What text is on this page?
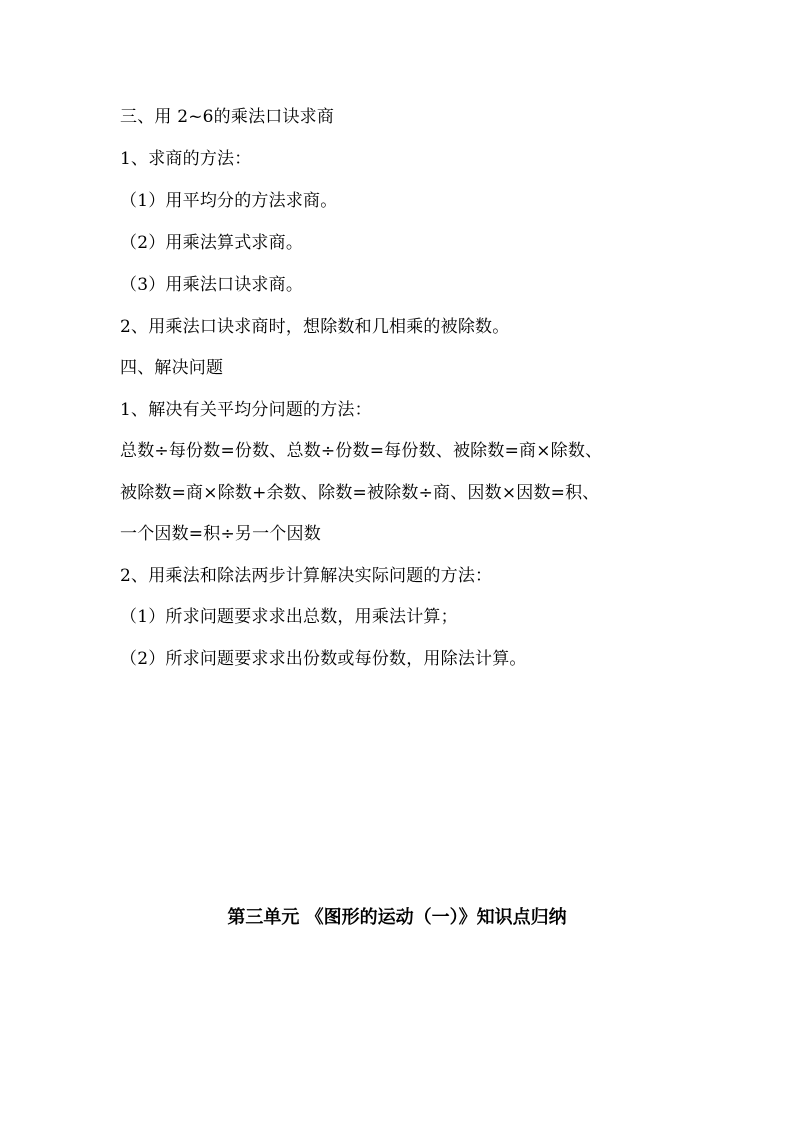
三、用 2~6的乘法口诀求商
1、求商的方法：
（1）用平均分的方法求商。
（2）用乘法算式求商。
（3）用乘法口诀求商。
2、用乘法口诀求商时，想除数和几相乘的被除数。
四、解决问题
1、解决有关平均分问题的方法：
总数÷每份数=份数、总数÷份数=每份数、被除数=商×除数、
被除数=商×除数+余数、除数=被除数÷商、因数×因数=积、
一个因数=积÷另一个因数
2、用乘法和除法两步计算解决实际问题的方法：
（1）所求问题要求求出总数，用乘法计算；
（2）所求问题要求求出份数或每份数，用除法计算。
第三单元 《图形的运动（一）》知识点归纳
